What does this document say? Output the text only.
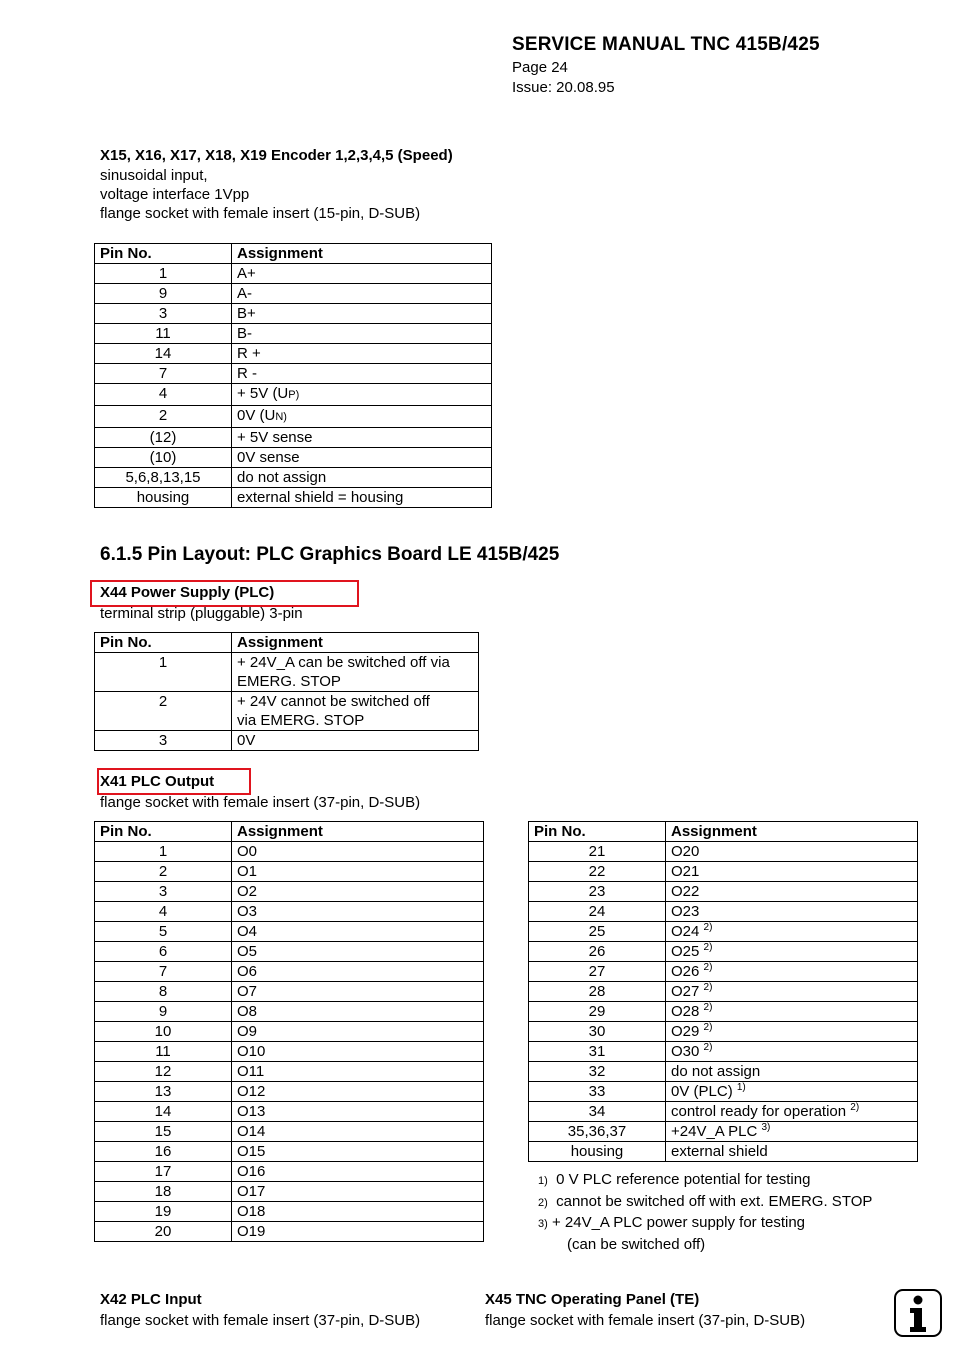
SERVICE MANUAL TNC 415B/425
Page 24
Issue: 20.08.95
X15, X16, X17, X18, X19 Encoder 1,2,3,4,5 (Speed)
sinusoidal input,
voltage interface 1Vpp
flange socket with female insert (15-pin, D-SUB)
Pin No.	Assignment
1	A+
9	A-
3	B+
11	B-
14	R +
7	R -
4	+ 5V (UP)
2	0V (UN)
(12)	+ 5V sense
(10)	0V sense
5,6,8,13,15	do not assign
housing	external shield = housing
6.1.5 Pin Layout: PLC Graphics Board LE 415B/425
X44 Power Supply (PLC)
terminal strip (pluggable) 3-pin
Pin No.	Assignment
1	+ 24V_A can be switched off via
EMERG. STOP

2	+ 24V cannot be switched off
via EMERG. STOP

3	0V
X41 PLC Output
flange socket with female insert (37-pin, D-SUB)
Pin No.	Assignment
1	O0
2	O1
3	O2
4	O3
5	O4
6	O5
7	O6
8	O7
9	O8
10	O9
11	O10
12	O11
13	O12
14	O13
15	O14
16	O15
17	O16
18	O17
19	O18
20	O19
Pin No.	Assignment
21	O20
22	O21
23	O22
24	O23
25	O24 $^{2)}$
26	O25 $^{2)}$
27	O26 $^{2)}$
28	O27 $^{2)}$
29	O28 $^{2)}$
30	O29 $^{2)}$
31	O30 $^{2)}$
32	do not assign
33	0V (PLC) $^{1)}$
34	control ready for operation $^{2)}$
35,36,37	+24V_A PLC $^{3)}$
housing	external shield
1) 0 V PLC reference potential for testing
2) cannot be switched off with ext. EMERG. STOP
3) + 24V_A PLC power supply for testing
(can be switched off)
X42 PLC Input
flange socket with female insert (37-pin, D-SUB)
X45 TNC Operating Panel (TE)
flange socket with female insert (37-pin, D-SUB)
